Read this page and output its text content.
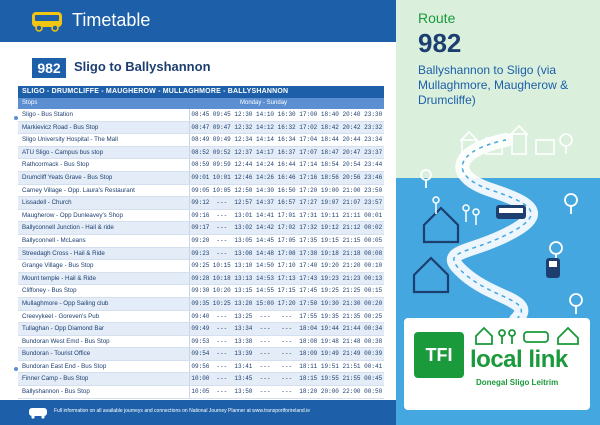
Timetable
982	Sligo to Ballyshannon
SLIGO - DRUMCLIFFE - MAUGHEROW - MULLAGHMORE - BALLYSHANNON
Stops	Monday - Sunday
Sligo - Bus Station	08:45	09:45	12:30	14:10	16:30	17:00	18:40	20:40	23:30
Markievicz Road - Bus Stop	08:47	09:47	12:32	14:12	16:32	17:02	18:42	20:42	23:32
Sligo University Hospital - The Mall	08:49	09:49	12:34	14:14	16:34	17:04	18:44	20:44	23:34
ATU Sligo - Campus bus stop	08:52	09:52	12:37	14:17	16:37	17:07	18:47	20:47	23:37
Rathcormack - Bus Stop	08:59	09:59	12:44	14:24	16:44	17:14	18:54	20:54	23:44
Drumcliff Yeats Grave - Bus Stop	09:01	10:01	12:46	14:26	16:46	17:16	18:56	20:56	23:46
Carney Village - Opp. Laura's Restaurant	09:05	10:05	12:50	14:30	16:50	17:20	19:00	21:00	23:50
Lissadell - Church	09:12	---	12:57	14:37	16:57	17:27	19:07	21:07	23:57
Maugherow - Opp Dunleavey's Shop	09:16	---	13:01	14:41	17:01	17:31	19:11	21:11	00:01
Ballyconnell Junction - Hail & ride	09:17	---	13:02	14:42	17:02	17:32	19:12	21:12	00:02
Ballyconnell - McLeans	09:20	---	13:05	14:45	17:05	17:35	19:15	21:15	00:05
Streedagh Cross - Hail & Ride	09:23	---	13:08	14:48	17:08	17:38	19:18	21:18	00:08
Grange Village - Bus Stop	09:25	10:15	13:10	14:50	17:10	17:40	19:20	21:20	00:10
Mount temple - Hail & Ride	09:28	10:18	13:13	14:53	17:13	17:43	19:23	21:23	00:13
Cliffoney - Bus Stop	09:30	10:20	13:15	14:55	17:15	17:45	19:25	21:25	00:15
Mullaghmore - Opp Sailing club	09:35	10:25	13:20	15:00	17:20	17:50	19:30	21:30	00:20
Creevykeel - Goreven's Pub	09:40	---	13:25	---	---	17:55	19:35	21:35	00:25
Tullaghan - Opp Diamond Bar	09:49	---	13:34	---	---	18:04	19:44	21:44	00:34
Bundoran West Emd - Bus Stop	09:53	---	13:38	---	---	18:08	19:48	21:48	00:38
Bundoran - Tourist Office	09:54	---	13:39	---	---	18:09	19:49	21:49	00:39
Bundoran East End - Bus Stop	09:56	---	13:41	---	---	18:11	19:51	21:51	00:41
Finner Camp - Bus Stop	10:00	---	13:45	---	---	18:15	19:55	21:55	00:45
Ballyshannon - Bus Stop	10:05	---	13:50	---	---	18:20	20:00	22:00	00:50
Full information on all available journeys and connections on National Journey Planner at www.transportforireland.ie
Route
982
Ballyshannon to Sligo (via Mullaghmore, Maugherow & Drumcliffe)
TFI local link
Donegal Sligo Leitrim
